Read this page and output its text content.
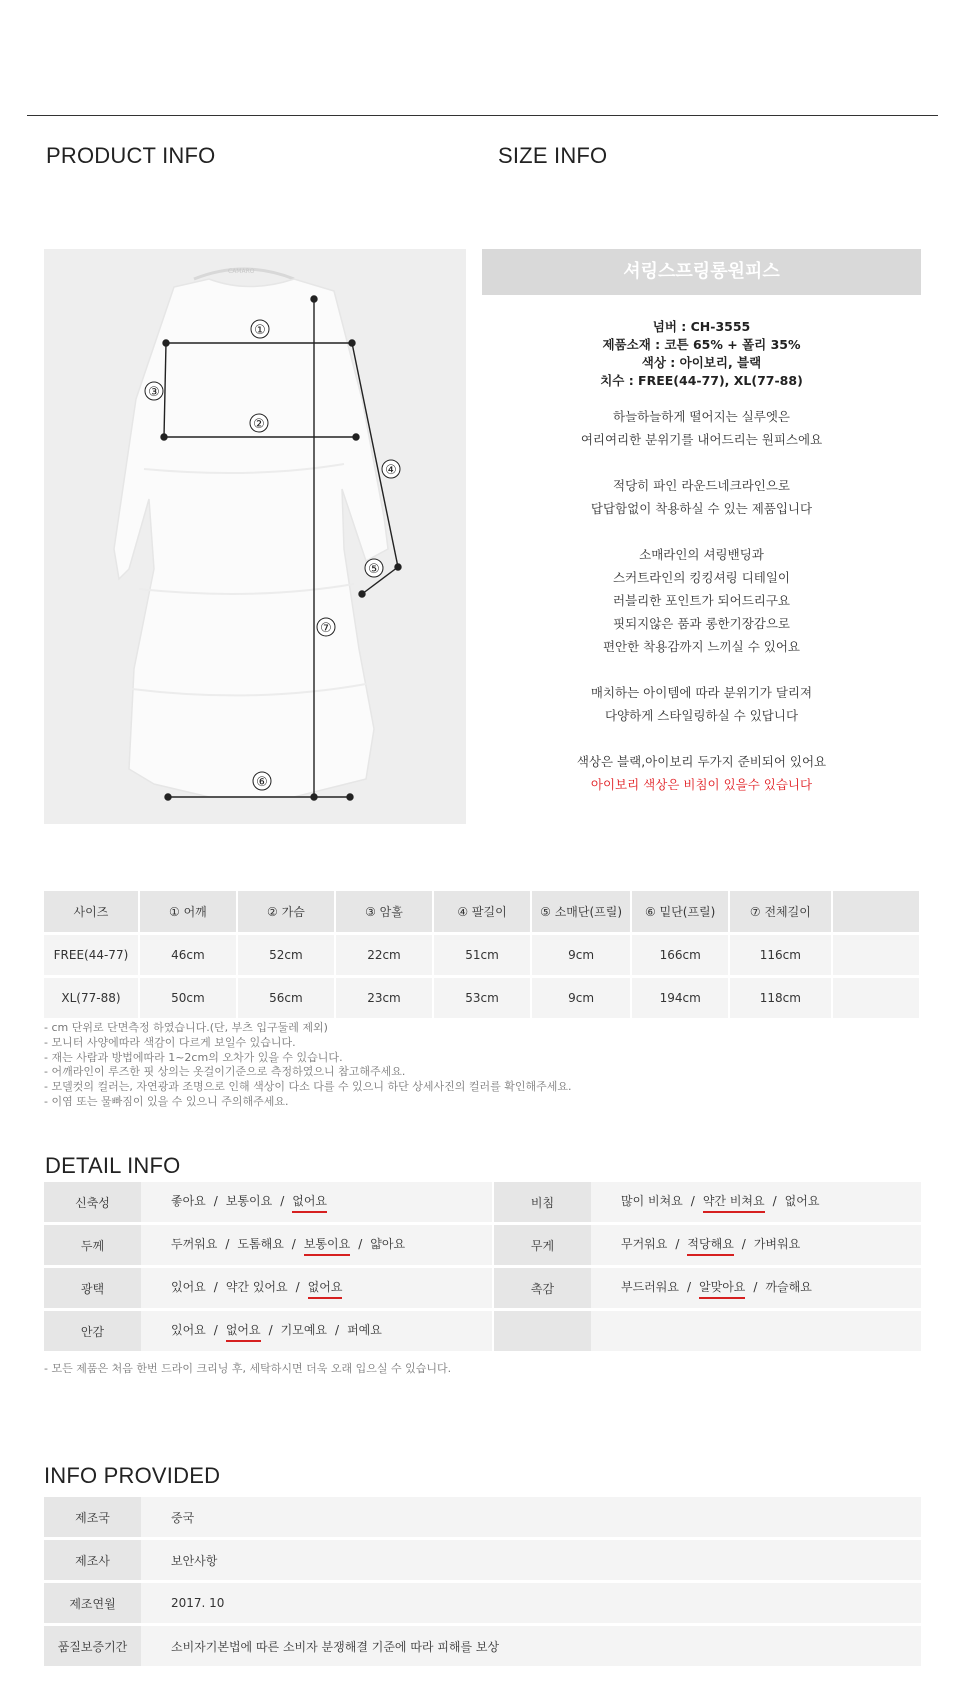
PRODUCT INFO	SIZE INFO
CAMARO
①
②
③
④
⑤
⑥
⑦
셔링스프링롱원피스
넘버 : CH-3555
제품소재 : 코튼 65% + 폴리 35%
색상 : 아이보리, 블랙
치수 : FREE(44-77), XL(77-88)
하늘하늘하게 떨어지는 실루엣은
여리여리한 분위기를 내어드리는 원피스에요

적당히 파인 라운드네크라인으로
답답함없이 착용하실 수 있는 제품입니다

소매라인의 셔링밴딩과
스커트라인의 킹킹셔링 디테일이
러블리한 포인트가 되어드리구요
핏되지않은 품과 롱한기장감으로
편안한 착용감까지 느끼실 수 있어요

매치하는 아이템에 따라 분위기가 달리져
다양하게 스타일링하실 수 있답니다

색상은 블랙,아이보리 두가지 준비되어 있어요
아이보리 색상은 비침이 있을수 있습니다
사이즈	① 어깨	② 가슴	③ 암홀	④ 팔길이	⑤ 소매단(프릴)	⑥ 밑단(프릴)	⑦ 전체길이	
FREE(44-77)	46cm	52cm	22cm	51cm	9cm	166cm	116cm	
XL(77-88)	50cm	56cm	23cm	53cm	9cm	194cm	118cm	
- cm 단위로 단면측정 하였습니다.(단, 부츠 입구둘레 제외)
- 모니터 사양에따라 색감이 다르게 보일수 있습니다.
- 재는 사람과 방법에따라 1~2cm의 오차가 있을 수 있습니다.
- 어깨라인이 루즈한 핏 상의는 옷걸이기준으로 측정하였으니 참고해주세요.
- 모델컷의 컬러는, 자연광과 조명으로 인해 색상이 다소 다를 수 있으니 하단 상세사진의 컬러를 확인해주세요.
- 이염 또는 물빠짐이 있을 수 있으니 주의해주세요.
DETAIL INFO
신축성	좋아요 / 보통이요 / 없어요	비침	많이 비쳐요 / 약간 비쳐요 / 없어요
두께	두꺼워요 / 도톰해요 / 보통이요 / 얇아요	무게	무거워요 / 적당해요 / 가벼워요
광택	있어요 / 약간 있어요 / 없어요	촉감	부드러워요 / 알맞아요 / 까슬해요
안감	있어요 / 없어요 / 기모예요 / 퍼예요		
- 모든 제품은 처음 한번 드라이 크리닝 후, 세탁하시면 더욱 오래 입으실 수 있습니다.
INFO PROVIDED
제조국	중국
제조사	보안사항
제조연월	2017. 10
품질보증기간	소비자기본법에 따른 소비자 분쟁해결 기준에 따라 피해를 보상
